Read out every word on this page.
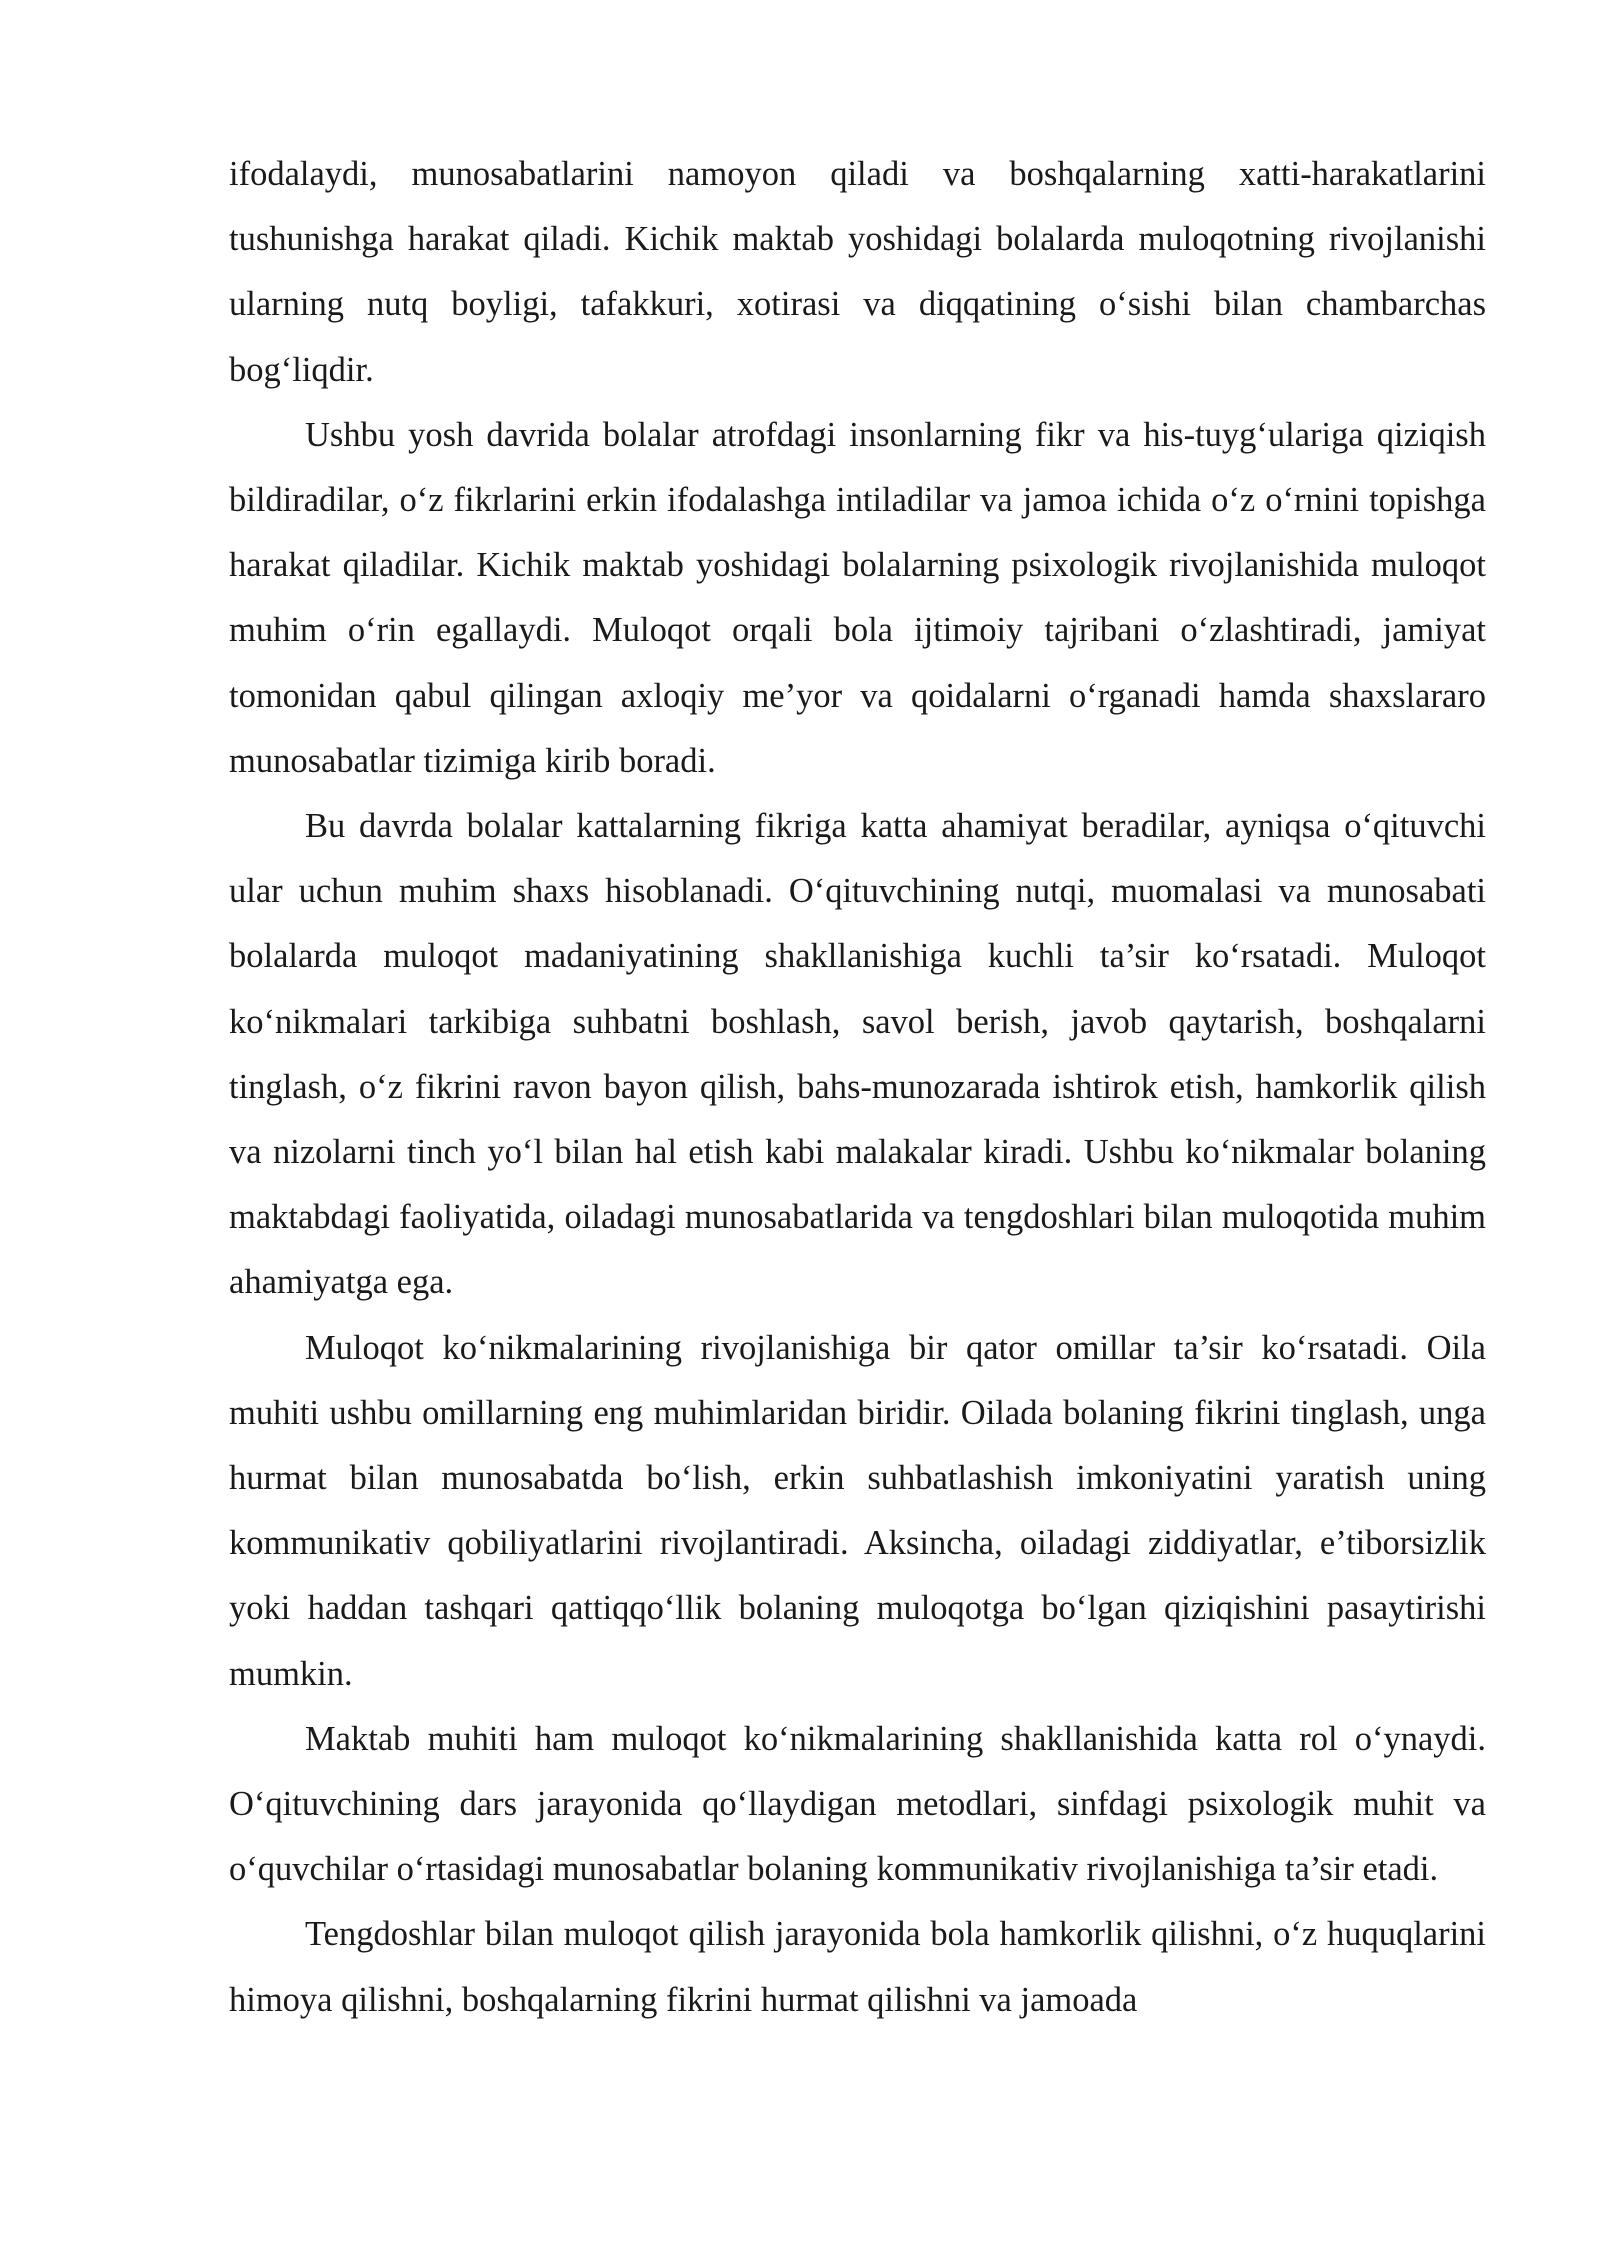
ifodalaydi, munosabatlarini namoyon qiladi va boshqalarning xatti-harakatlarini tushunishga harakat qiladi. Kichik maktab yoshidagi bolalarda muloqotning rivojlanishi ularning nutq boyligi, tafakkuri, xotirasi va diqqatining o‘sishi bilan chambarchas bog‘liqdir.

Ushbu yosh davrida bolalar atrofdagi insonlarning fikr va his-tuyg‘ulariga qiziqish bildiradilar, o‘z fikrlarini erkin ifodalashga intiladilar va jamoa ichida o‘z o‘rnini topishga harakat qiladilar. Kichik maktab yoshidagi bolalarning psixologik rivojlanishida muloqot muhim o‘rin egallaydi. Muloqot orqali bola ijtimoiy tajribani o‘zlashtiradi, jamiyat tomonidan qabul qilingan axloqiy me’yor va qoidalarni o‘rganadi hamda shaxslararo munosabatlar tizimiga kirib boradi.

Bu davrda bolalar kattalarning fikriga katta ahamiyat beradilar, ayniqsa o‘qituvchi ular uchun muhim shaxs hisoblanadi. O‘qituvchining nutqi, muomalasi va munosabati bolalarda muloqot madaniyatining shakllanishiga kuchli ta’sir ko‘rsatadi. Muloqot ko‘nikmalari tarkibiga suhbatni boshlash, savol berish, javob qaytarish, boshqalarni tinglash, o‘z fikrini ravon bayon qilish, bahs-munozarada ishtirok etish, hamkorlik qilish va nizolarni tinch yo‘l bilan hal etish kabi malakalar kiradi. Ushbu ko‘nikmalar bolaning maktabdagi faoliyatida, oiladagi munosabatlarida va tengdoshlari bilan muloqotida muhim ahamiyatga ega.

Muloqot ko‘nikmalarining rivojlanishiga bir qator omillar ta’sir ko‘rsatadi. Oila muhiti ushbu omillarning eng muhimlaridan biridir. Oilada bolaning fikrini tinglash, unga hurmat bilan munosabatda bo‘lish, erkin suhbatlashish imkoniyatini yaratish uning kommunikativ qobiliyatlarini rivojlantiradi. Aksincha, oiladagi ziddiyatlar, e’tiborsizlik yoki haddan tashqari qattiqqo‘llik bolaning muloqotga bo‘lgan qiziqishini pasaytirishi mumkin.

Maktab muhiti ham muloqot ko‘nikmalarining shakllanishida katta rol o‘ynaydi. O‘qituvchining dars jarayonida qo‘llaydigan metodlari, sinfdagi psixologik muhit va o‘quvchilar o‘rtasidagi munosabatlar bolaning kommunikativ rivojlanishiga ta’sir etadi.

Tengdoshlar bilan muloqot qilish jarayonida bola hamkorlik qilishni, o‘z huquqlarini himoya qilishni, boshqalarning fikrini hurmat qilishni va jamoada
